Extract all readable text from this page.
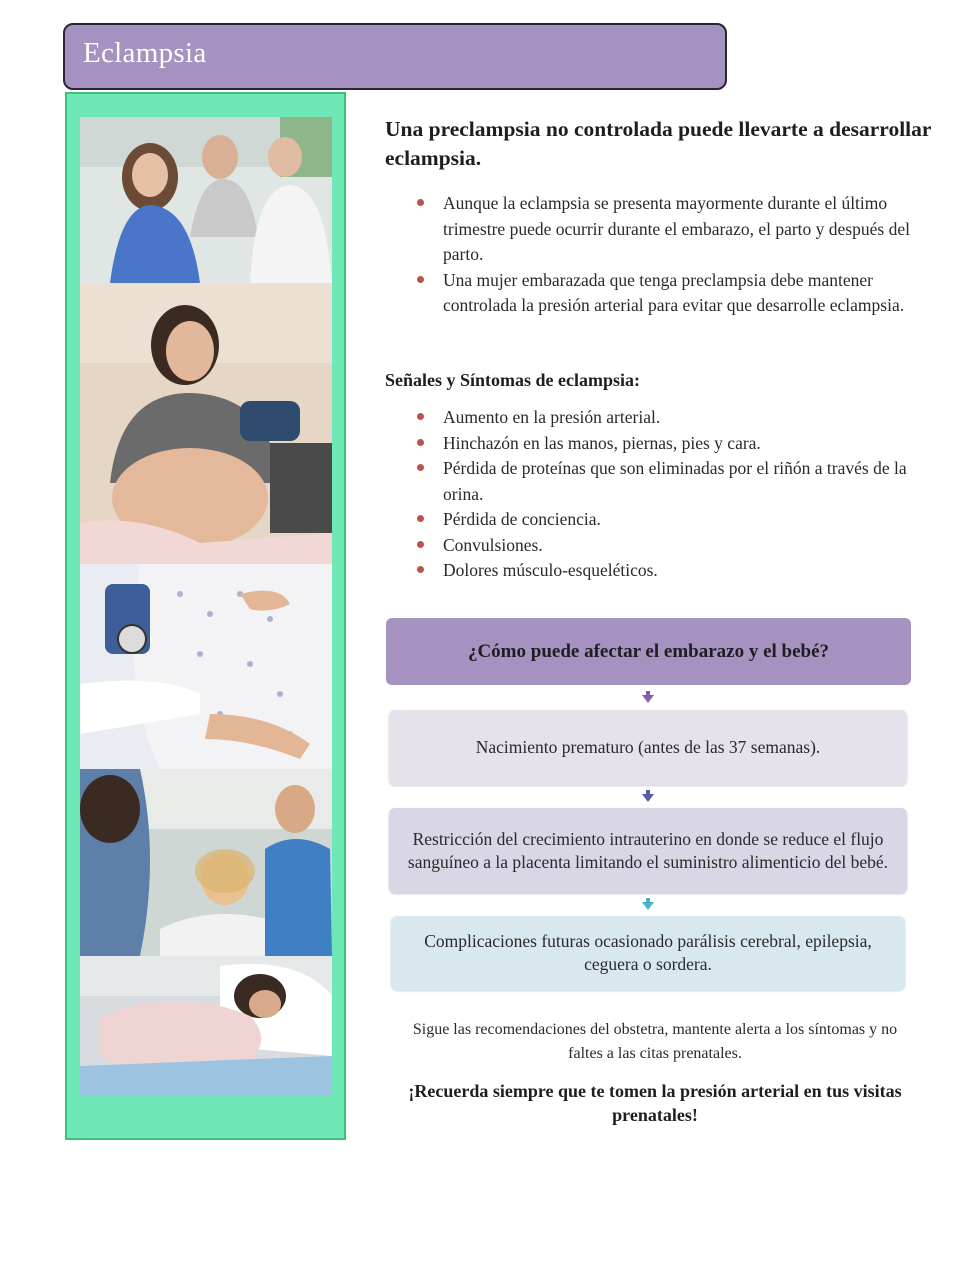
Eclampsia
Una preclampsia no controlada puede llevarte a desarrollar eclampsia.
Aunque la eclampsia se presenta mayormente durante el último trimestre puede ocurrir durante el embarazo, el parto y después del parto.
Una mujer embarazada que tenga preclampsia debe mantener controlada la presión arterial para evitar que desarrolle eclampsia.
Señales y Síntomas de eclampsia:
Aumento en la presión arterial.
Hinchazón en las manos, piernas, pies y cara.
Pérdida de proteínas que son eliminadas por el riñón a través de la orina.
Pérdida de conciencia.
Convulsiones.
Dolores músculo-esqueléticos.
¿Cómo puede afectar el embarazo y el bebé?
Nacimiento prematuro (antes de las 37 semanas).
Restricción del crecimiento intrauterino en donde se reduce el flujo sanguíneo a la placenta limitando el suministro alimenticio del bebé.
Complicaciones futuras ocasionado parálisis cerebral, epilepsia, ceguera o sordera.
Sigue las recomendaciones del obstetra, mantente alerta a los síntomas y no faltes a las citas prenatales.
¡Recuerda siempre que te tomen la presión arterial en tus visitas prenatales!
